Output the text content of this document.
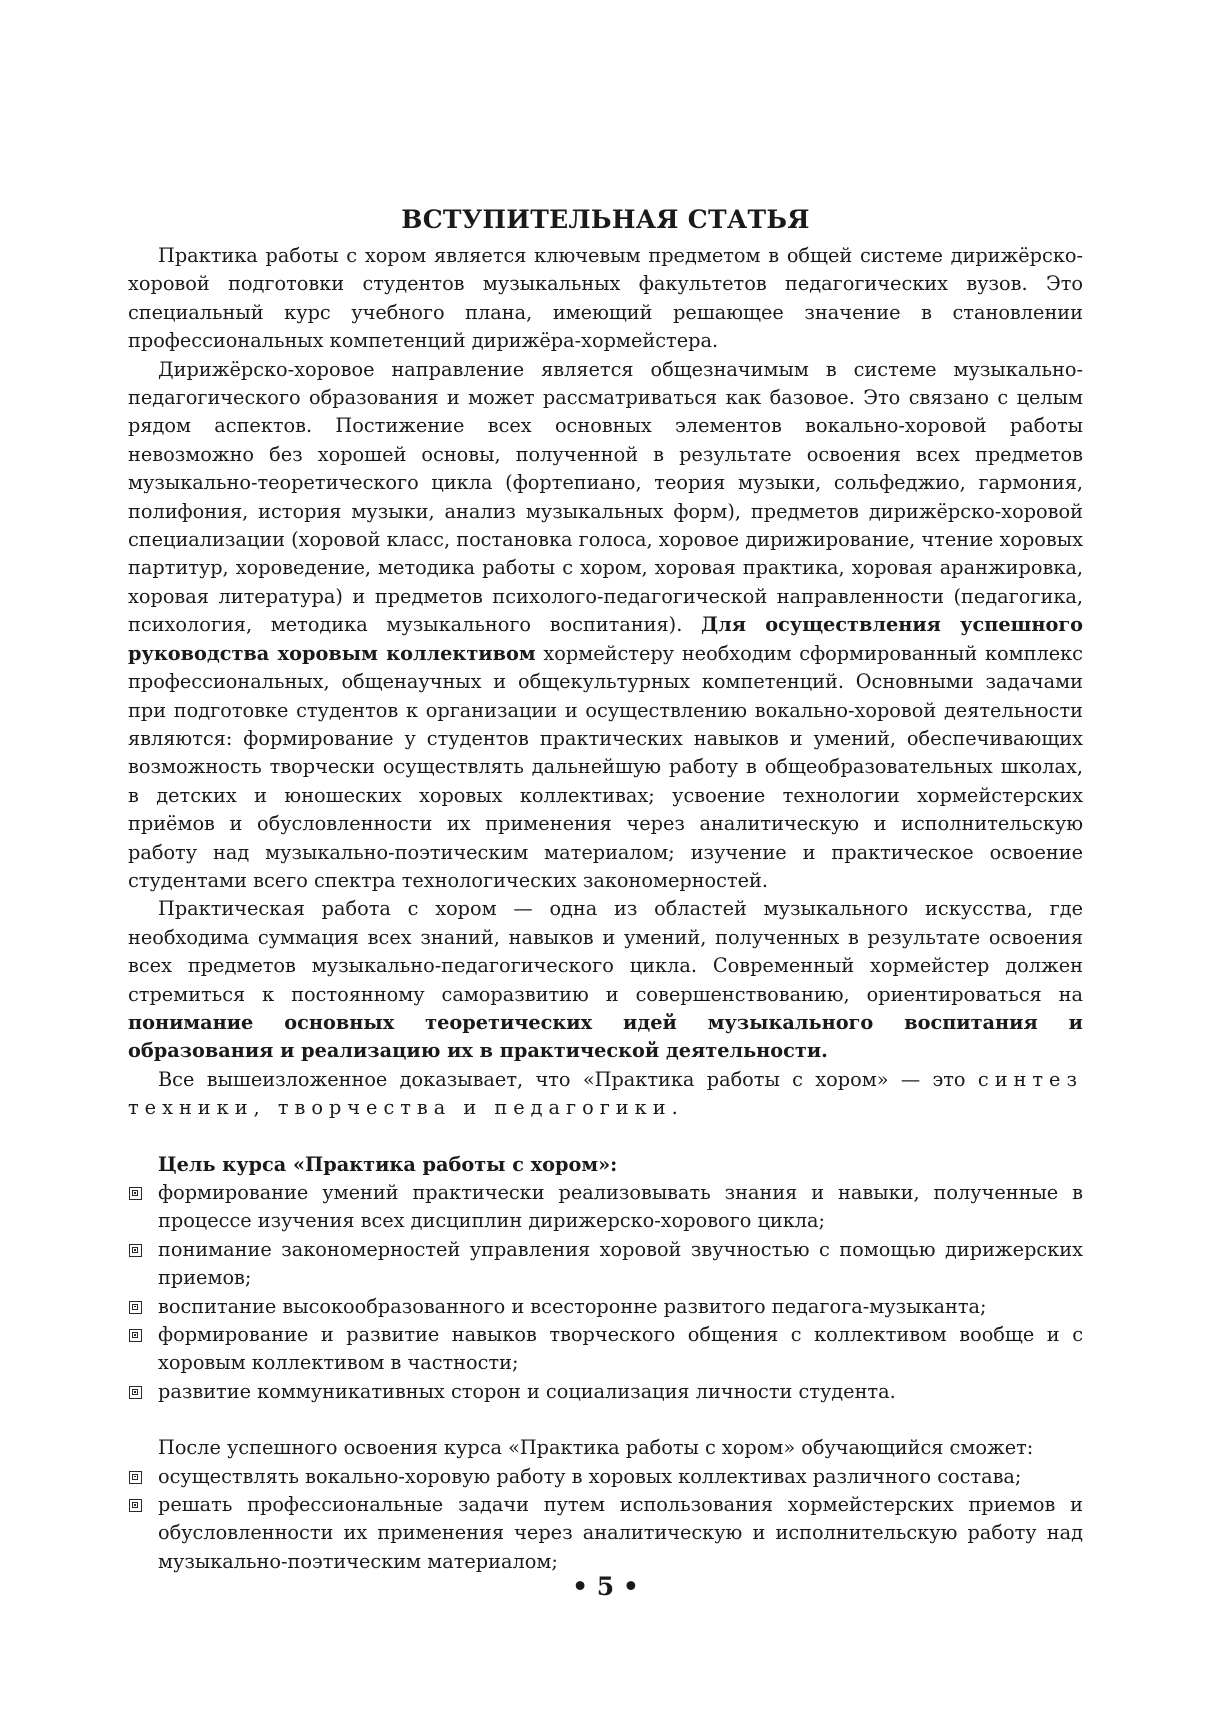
ВСТУПИТЕЛЬНАЯ СТАТЬЯ

Практика работы с хором является ключевым предметом в общей системе дирижёрско-хоровой подготовки студентов музыкальных факультетов педагогических вузов. Это специальный курс учебного плана, имеющий решающее значение в становлении профессиональных компетенций дирижёра-хормейстера.

Дирижёрско-хоровое направление является общезначимым в системе музыкально-педагогического образования и может рассматриваться как базовое. Это связано с целым рядом аспектов. Постижение всех основных элементов вокально-хоровой работы невозможно без хорошей основы, полученной в результате освоения всех предметов музыкально-теоретического цикла (фортепиано, теория музыки, сольфеджио, гармония, полифония, история музыки, анализ музыкальных форм), предметов дирижёрско-хоровой специализации (хоровой класс, постановка голоса, хоровое дирижирование, чтение хоровых партитур, хороведение, методика работы с хором, хоровая практика, хоровая аранжировка, хоровая литература) и предметов психолого-педагогической направленности (педагогика, психология, методика музыкального воспитания). Для осуществления успешного руководства хоровым коллективом хормейстеру необходим сформированный комплекс профессиональных, общенаучных и общекультурных компетенций. Основными задачами при подготовке студентов к организации и осуществлению вокально-хоровой деятельности являются: формирование у студентов практических навыков и умений, обеспечивающих возможность творчески осуществлять дальнейшую работу в общеобразовательных школах, в детских и юношеских хоровых коллективах; усвоение технологии хормейстерских приёмов и обусловленности их применения через аналитическую и исполнительскую работу над музыкально-поэтическим материалом; изучение и практическое освоение студентами всего спектра технологических закономерностей.

Практическая работа с хором — одна из областей музыкального искусства, где необходима суммация всех знаний, навыков и умений, полученных в результате освоения всех предметов музыкально-педагогического цикла. Современный хормейстер должен стремиться к постоянному саморазвитию и совершенствованию, ориентироваться на понимание основных теоретических идей музыкального воспитания и образования и реализацию их в практической деятельности.

Все вышеизложенное доказывает, что «Практика работы с хором» — это синтез техники, творчества и педагогики.

Цель курса «Практика работы с хором»:

формирование умений практически реализовывать знания и навыки, полученные в процессе изучения всех дисциплин дирижерско-хорового цикла;
понимание закономерностей управления хоровой звучностью с помощью дирижерских приемов;
воспитание высокообразованного и всесторонне развитого педагога-музыканта;
формирование и развитие навыков творческого общения с коллективом вообще и с хоровым коллективом в частности;
развитие коммуникативных сторон и социализация личности студента.

После успешного освоения курса «Практика работы с хором» обучающийся сможет:

осуществлять вокально-хоровую работу в хоровых коллективах различного состава;
решать профессиональные задачи путем использования хормейстерских приемов и обусловленности их применения через аналитическую и исполнительскую работу над музыкально-поэтическим материалом;
• 5 •
